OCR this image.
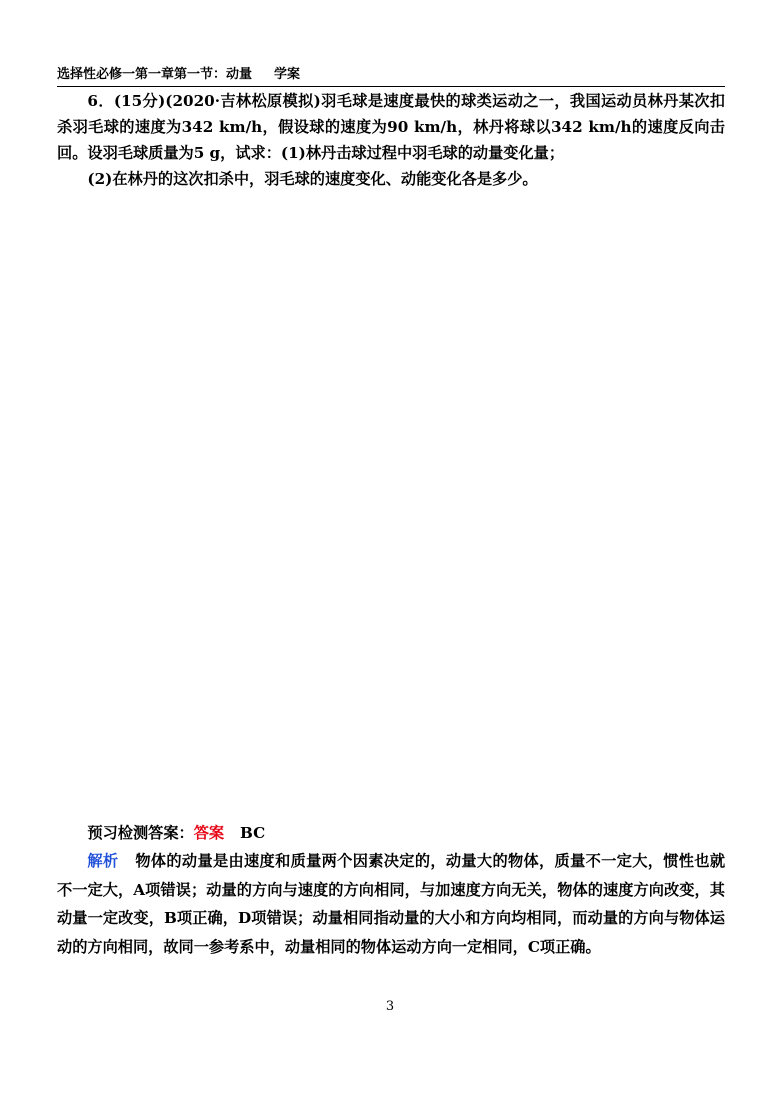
选择性必修一第一章第一节：动量 学案

6．(15分)(2020·吉林松原模拟)羽毛球是速度最快的球类运动之一，我国运动员林丹某次扣杀羽毛球的速度为342 km/h，假设球的速度为90 km/h，林丹将球以342 km/h的速度反向击回。设羽毛球质量为5 g，试求：(1)林丹击球过程中羽毛球的动量变化量；

(2)在林丹的这次扣杀中，羽毛球的速度变化、动能变化各是多少。

预习检测答案：答案 BC

解析 物体的动量是由速度和质量两个因素决定的，动量大的物体，质量不一定大，惯性也就不一定大，A项错误；动量的方向与速度的方向相同，与加速度方向无关，物体的速度方向改变，其动量一定改变，B项正确，D项错误；动量相同指动量的大小和方向均相同，而动量的方向与物体运动的方向相同，故同一参考系中，动量相同的物体运动方向一定相同，C项正确。

3
